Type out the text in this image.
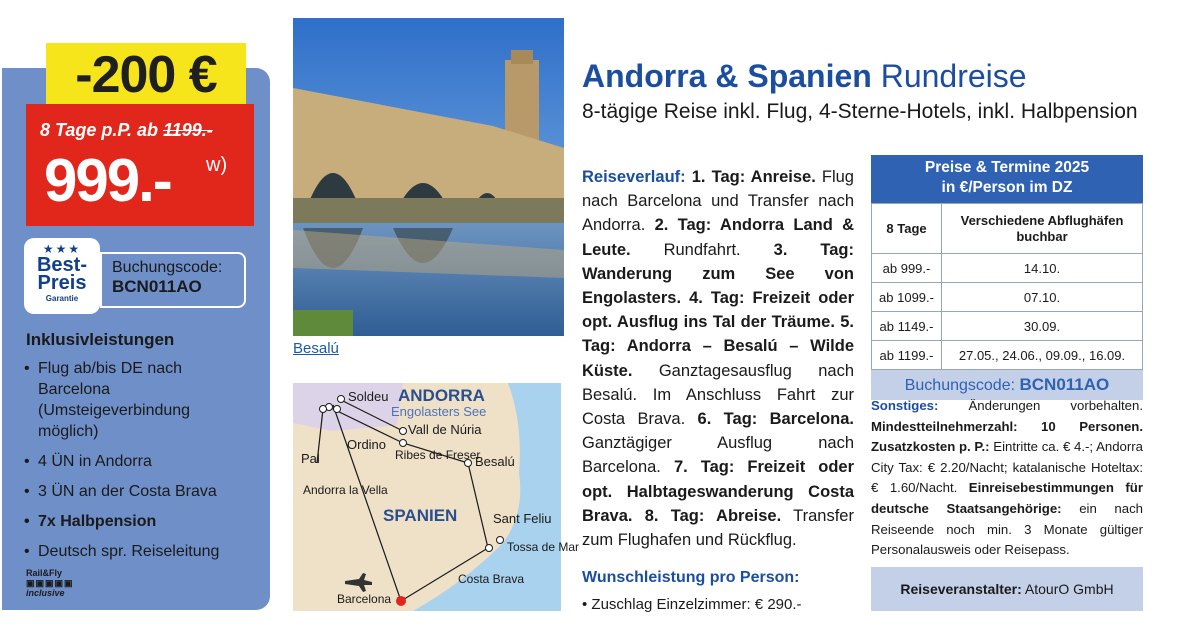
-200 €
8 Tage p.P. ab 1199.-
999.- w)
★★★
Best-
Preis
Garantie
Buchungscode:
BCN011AO
Inklusivleistungen
• Flug ab/bis DE nach Barcelona (Umsteigeverbindung möglich)
• 4 ÜN in Andorra
• 3 ÜN an der Costa Brava
• 7x Halbpension
• Deutsch spr. Reiseleitung
Rail&Fly
▣▣▣▣▣
inclusive
Besalú
Soldeu ANDORRA
Engolasters See
Vall de Núria
Ordino
Ribes de Freser
Besalú
Pal
Andorra la Vella
SPANIEN	Sant Feliu
Tossa de Mar
Costa Brava
Barcelona
Andorra & Spanien Rundreise
8-tägige Reise inkl. Flug, 4-Sterne-Hotels, inkl. Halbpension
Reiseverlauf: 1. Tag: Anreise. Flug nach Barcelona und Transfer nach Andorra. 2. Tag: Andorra Land & Leute. Rundfahrt. 3. Tag: Wanderung zum See von Engolasters. 4. Tag: Freizeit oder opt. Ausflug ins Tal der Träume. 5. Tag: Andorra – Besalú – Wilde Küste. Ganztagesausflug nach Besalú. Im Anschluss Fahrt zur Costa Brava. 6. Tag: Barcelona. Ganztägiger Ausflug nach Barcelona. 7. Tag: Freizeit oder opt. Halbtageswanderung Costa Brava. 8. Tag: Abreise. Transfer zum Flughafen und Rückflug.
Wunschleistung pro Person:
• Zuschlag Einzelzimmer: € 290.-
Preise & Termine 2025
in €/Person im DZ
8 Tage	Verschiedene Abflughäfen buchbar
ab 999.-	14.10.
ab 1099.-	07.10.
ab 1149.-	30.09.
ab 1199.-	27.05., 24.06., 09.09., 16.09.
Buchungscode: BCN011AO
Sonstiges: Änderungen vorbehalten. Mindestteilnehmerzahl: 10 Personen. Zusatzkosten p. P.: Eintritte ca. € 4.-; Andorra City Tax: € 2.20/Nacht; katalanische Hoteltax: € 1.60/Nacht. Einreisebestimmungen für deutsche Staatsangehörige: ein nach Reiseende noch min. 3 Monate gültiger Personalausweis oder Reisepass.
Reiseveranstalter: AtourO GmbH
